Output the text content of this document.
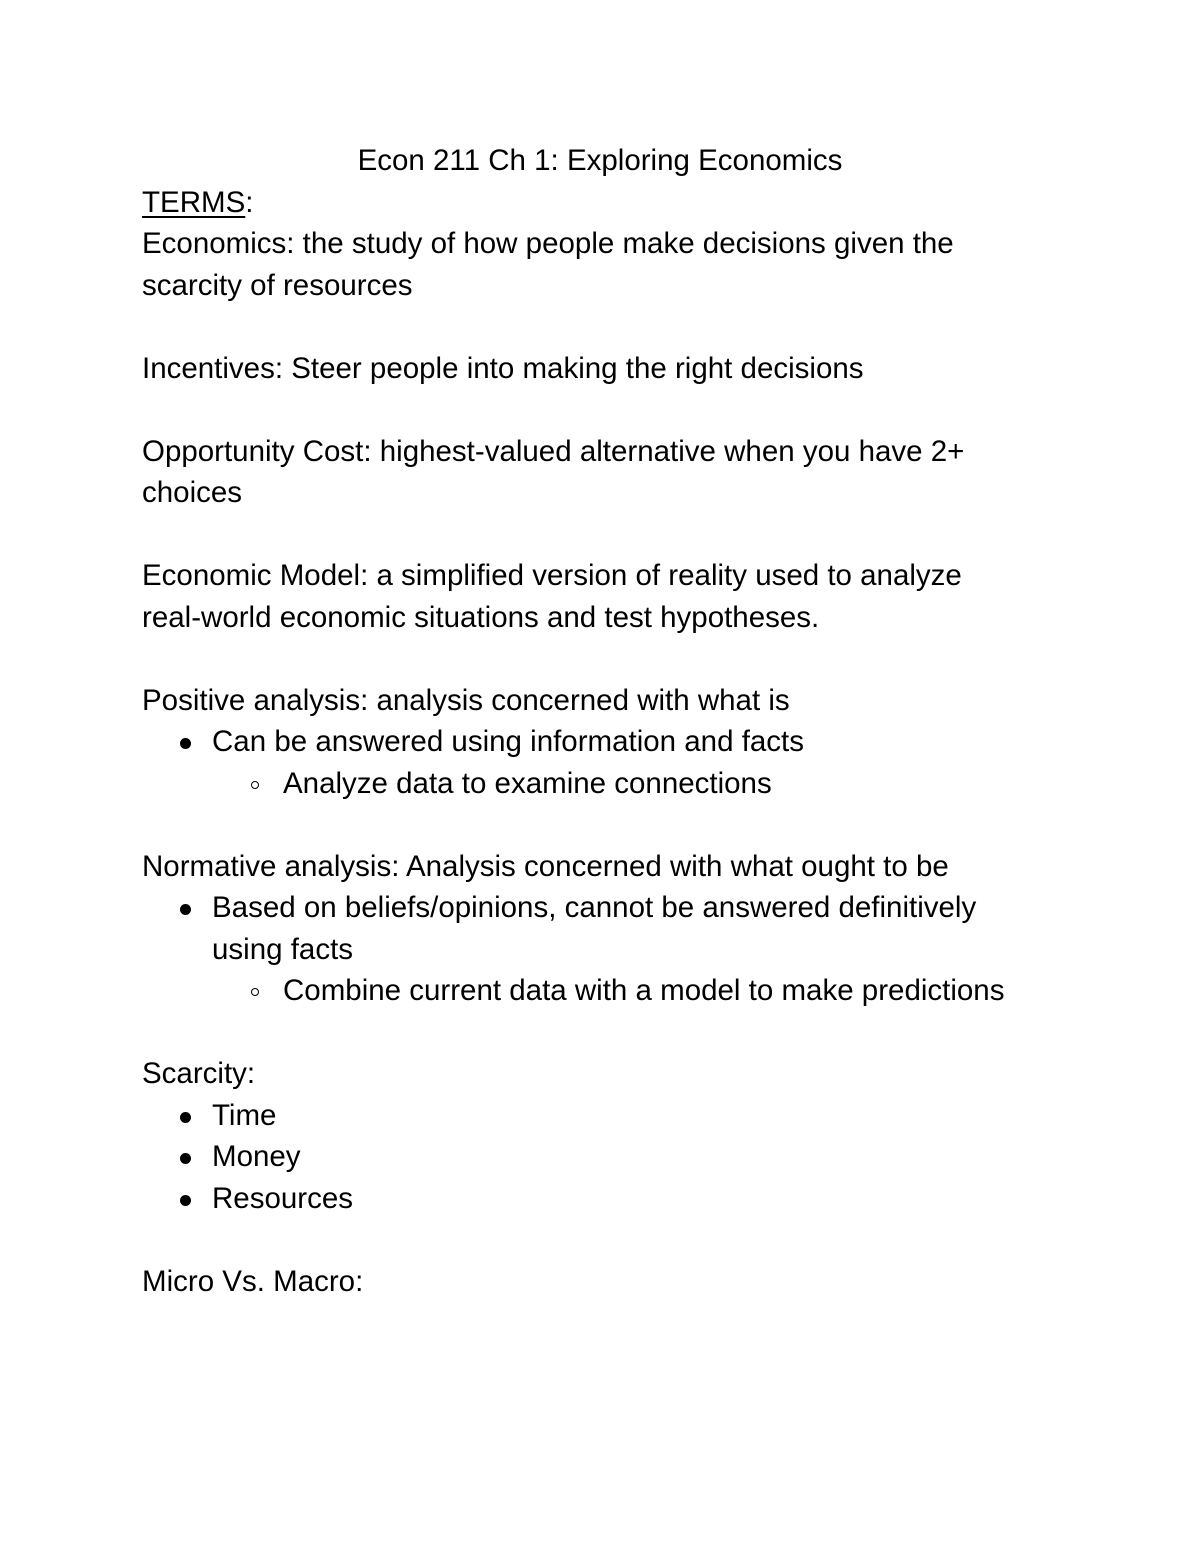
Econ 211 Ch 1: Exploring Economics
TERMS:
Economics: the study of how people make decisions given the
scarcity of resources
Incentives: Steer people into making the right decisions
Opportunity Cost: highest-valued alternative when you have 2+
choices
Economic Model: a simplified version of reality used to analyze
real-world economic situations and test hypotheses.
Positive analysis: analysis concerned with what is
Can be answered using information and facts
Analyze data to examine connections
Normative analysis: Analysis concerned with what ought to be
Based on beliefs/opinions, cannot be answered definitively
using facts
Combine current data with a model to make predictions
Scarcity:
Time
Money
Resources
Micro Vs. Macro:
